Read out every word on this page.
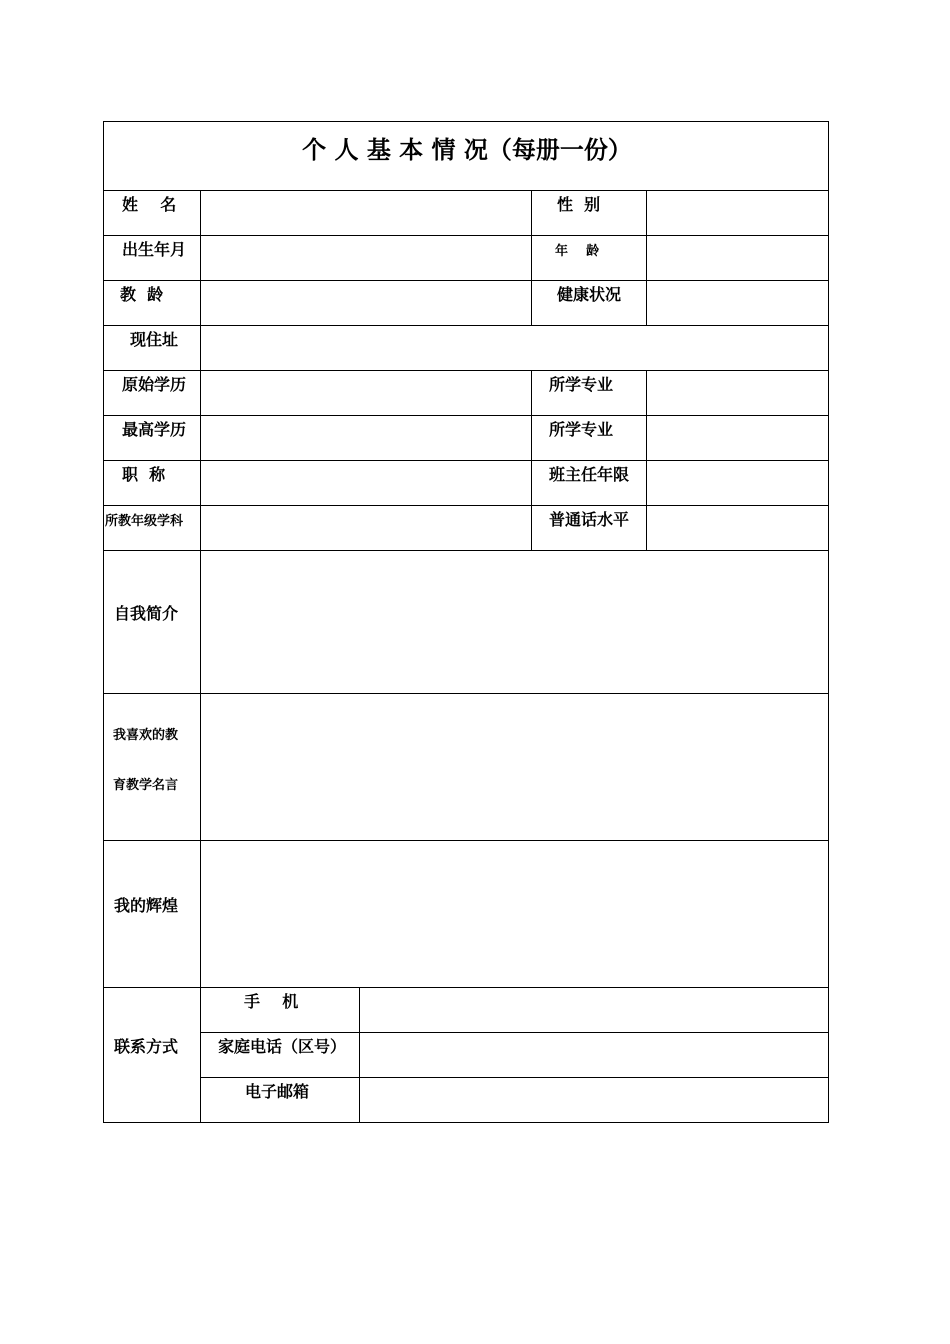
个 人 基 本 情 况（每册一份）
姓    名	性  别
出生年月	年    龄
教  龄	健康状况
现住址
原始学历	所学专业
最高学历	所学专业
职  称	班主任年限
所教年级学科	普通话水平
自我简介
我喜欢的教
育教学名言
我的辉煌
联系方式
手    机
家庭电话（区号）
电子邮箱
